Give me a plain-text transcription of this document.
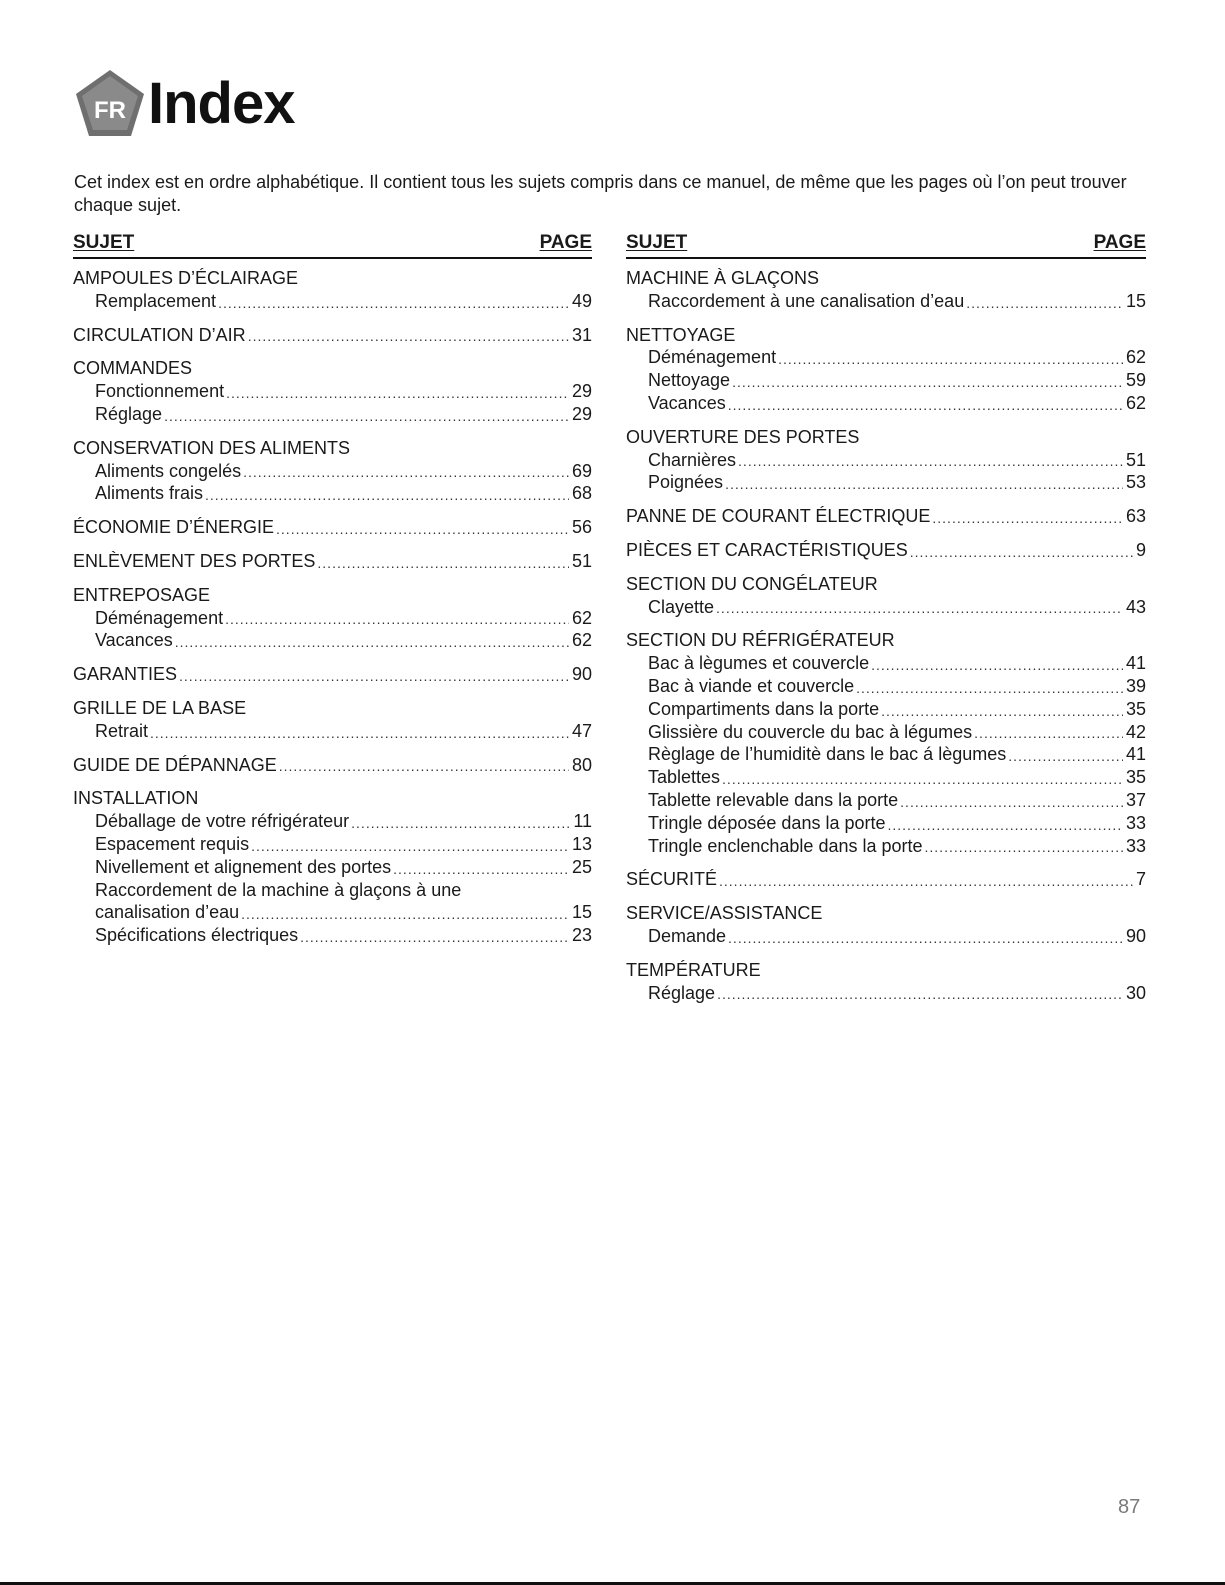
FR Index
Cet index est en ordre alphabétique. Il contient tous les sujets compris dans ce manuel, de même que les pages où l’on peut trouver chaque sujet.
SUJET	PAGE
AMPOULES D’ÉCLAIRAGE
Remplacement .....	49
CIRCULATION D’AIR .....	31
COMMANDES
Fonctionnement .....	29
Réglage .....	29
CONSERVATION DES ALIMENTS
Aliments congelés .....	69
Aliments frais .....	68
ÉCONOMIE D’ÉNERGIE .....	56
ENLÈVEMENT DES PORTES .....	51
ENTREPOSAGE
Déménagement .....	62
Vacances .....	62
GARANTIES .....	90
GRILLE DE LA BASE
Retrait .....	47
GUIDE DE DÉPANNAGE .....	80
INSTALLATION
Déballage de votre réfrigérateur .....	11
Espacement requis .....	13
Nivellement et alignement des portes .....	25
Raccordement de la machine à glaçons à une
canalisation d’eau .....	15
Spécifications électriques .....	23
SUJET	PAGE
MACHINE À GLAÇONS
Raccordement à une canalisation d’eau .....	15
NETTOYAGE
Déménagement .....	62
Nettoyage .....	59
Vacances .....	62
OUVERTURE DES PORTES
Charnières .....	51
Poignées .....	53
PANNE DE COURANT ÉLECTRIQUE .....	63
PIÈCES ET CARACTÉRISTIQUES .....	9
SECTION DU CONGÉLATEUR
Clayette .....	43
SECTION DU RÉFRIGÉRATEUR
Bac à lègumes et couvercle .....	41
Bac à viande et couvercle .....	39
Compartiments dans la porte .....	35
Glissière du couvercle du bac à légumes .....	42
Règlage de l’humiditè dans le bac á lègumes .....	41
Tablettes .....	35
Tablette relevable dans la porte .....	37
Tringle déposée dans la porte .....	33
Tringle enclenchable dans la porte .....	33
SÉCURITÉ .....	7
SERVICE/ASSISTANCE
Demande .....	90
TEMPÉRATURE
Réglage .....	30
87
